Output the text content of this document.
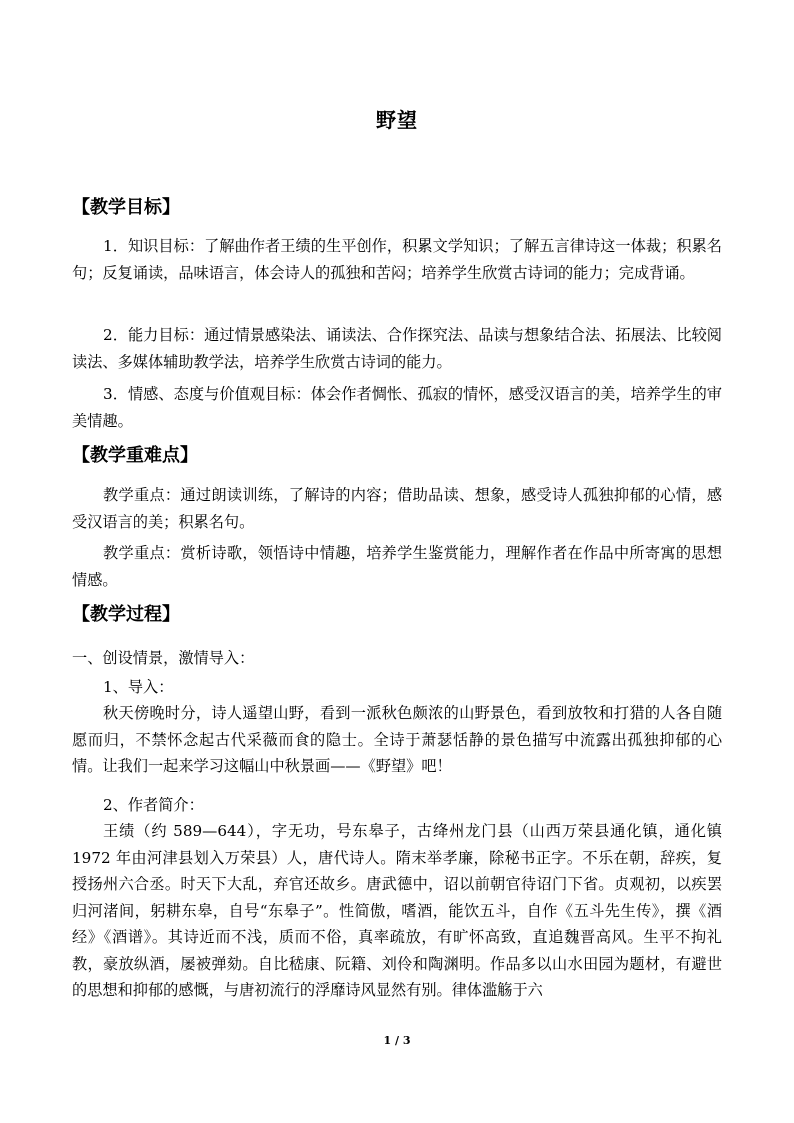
野望
【教学目标】
1．知识目标：了解曲作者王绩的生平创作，积累文学知识；了解五言律诗这一体裁；积累名句；反复诵读，品味语言，体会诗人的孤独和苦闷；培养学生欣赏古诗词的能力；完成背诵。
2．能力目标：通过情景感染法、诵读法、合作探究法、品读与想象结合法、拓展法、比较阅读法、多媒体辅助教学法，培养学生欣赏古诗词的能力。
3．情感、态度与价值观目标：体会作者惆怅、孤寂的情怀，感受汉语言的美，培养学生的审美情趣。
【教学重难点】
教学重点：通过朗读训练，了解诗的内容；借助品读、想象，感受诗人孤独抑郁的心情，感受汉语言的美；积累名句。
教学重点：赏析诗歌，领悟诗中情趣，培养学生鉴赏能力，理解作者在作品中所寄寓的思想情感。
【教学过程】
一、创设情景，激情导入：
1、导入：
秋天傍晚时分，诗人遥望山野，看到一派秋色颇浓的山野景色，看到放牧和打猎的人各自随愿而归，不禁怀念起古代采薇而食的隐士。全诗于萧瑟恬静的景色描写中流露出孤独抑郁的心情。让我们一起来学习这幅山中秋景画——《野望》吧！
2、作者简介：
王绩（约 589—644），字无功，号东皋子，古绛州龙门县（山西万荣县通化镇，通化镇1972 年由河津县划入万荣县）人，唐代诗人。隋末举孝廉，除秘书正字。不乐在朝，辞疾，复授扬州六合丞。时天下大乱，弃官还故乡。唐武德中，诏以前朝官待诏门下省。贞观初，以疾罢归河渚间，躬耕东皋，自号“东皋子”。性简傲，嗜酒，能饮五斗，自作《五斗先生传》，撰《酒经》《酒谱》。其诗近而不浅，质而不俗，真率疏放，有旷怀高致，直追魏晋高风。生平不拘礼教，豪放纵酒，屡被弹劾。自比嵇康、阮籍、刘伶和陶渊明。作品多以山水田园为题材，有避世的思想和抑郁的感慨，与唐初流行的浮靡诗风显然有别。律体滥觞于六
1 / 3
